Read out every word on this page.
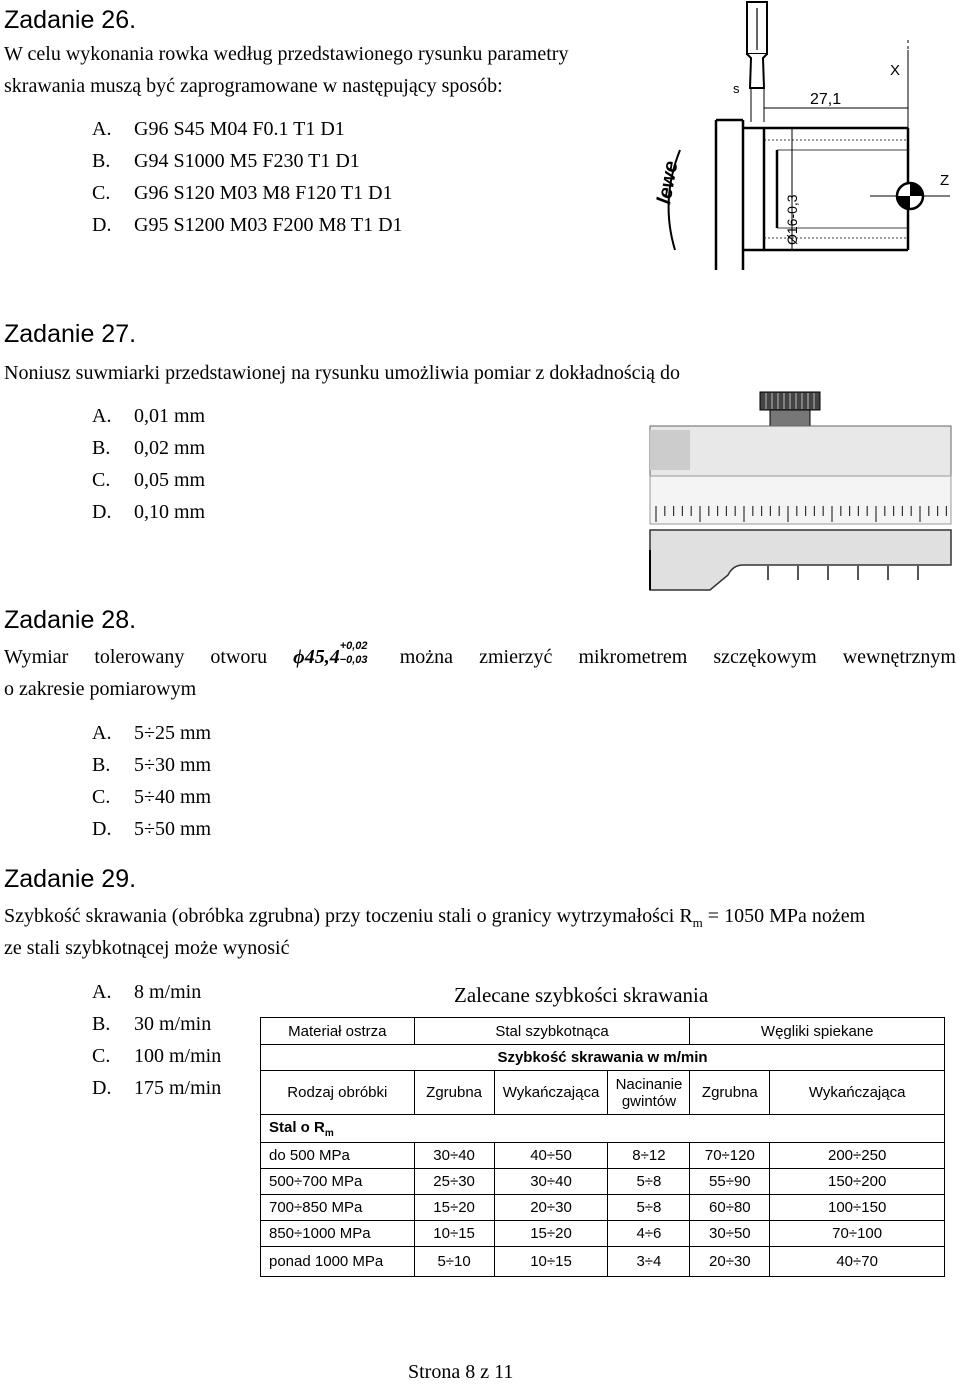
Zadanie 26.
W celu wykonania rowka według przedstawionego rysunku parametry
skrawania muszą być zaprogramowane w następujący sposób:
A. G96 S45 M04 F0.1 T1 D1
B. G94 S1000 M5 F230 T1 D1
C. G96 S120 M03 M8 F120 T1 D1
D. G95 S1200 M03 F200 M8 T1 D1
s
27,1
X
Ø16-0,3
lewe	Z
Zadanie 27.
Noniusz suwmiarki przedstawionej na rysunku umożliwia pomiar z dokładnością do
A. 0,01 mm
B. 0,02 mm
C. 0,05 mm
D. 0,10 mm
Zadanie 28.
Wymiar tolerowany otworu ϕ45,4 +0,02
−0,03 można zmierzyć mikrometrem szczękowym wewnętrznym
o zakresie pomiarowym
A. 5÷25 mm
B. 5÷30 mm
C. 5÷40 mm
D. 5÷50 mm
Zadanie 29.
Szybkość skrawania (obróbka zgrubna) przy toczeniu stali o granicy wytrzymałości $R_m = 1050$ MPa nożem
ze stali szybkotnącej może wynosić
A. 8 m/min
B. 30 m/min
C. 100 m/min
D. 175 m/min
Zalecane szybkości skrawania
Materiał ostrza	Stal szybkotnąca			Węgliki spiekane	
Szybkość skrawania w m/min					
Rodzaj obróbki	Zgrubna	Wykańczająca	Nacinanie gwintów	Zgrubna	Wykańczająca
Stal o $R_m$
do 500 MPa	30÷40	40÷50	8÷12	70÷120	200÷250
500÷700 MPa	25÷30	30÷40	5÷8	55÷90	150÷200
700÷850 MPa	15÷20	20÷30	5÷8	60÷80	100÷150
850÷1000 MPa	10÷15	15÷20	4÷6	30÷50	70÷100
ponad 1000 MPa	5÷10	10÷15	3÷4	20÷30	40÷70
Strona 8 z 11
